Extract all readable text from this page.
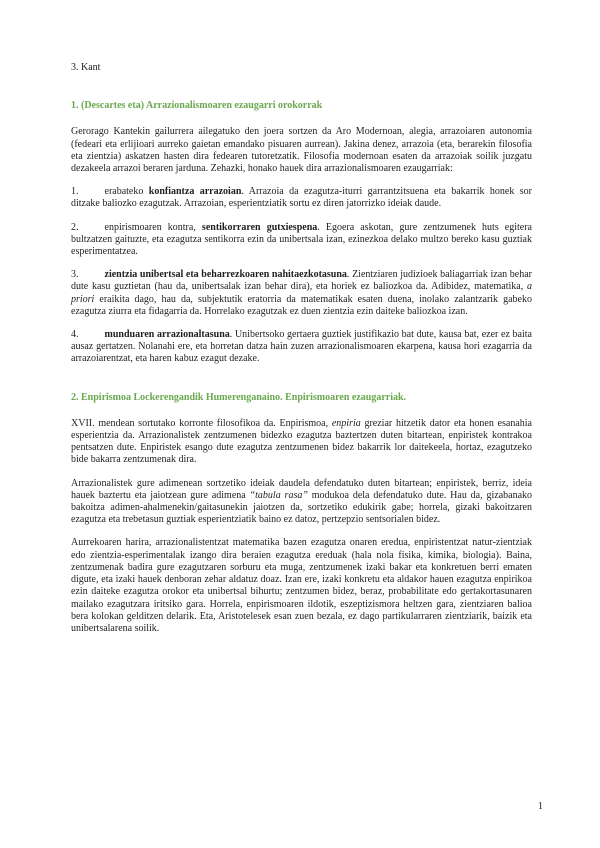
3. Kant
1. (Descartes eta) Arrazionalismoaren ezaugarri orokorrak

Gerorago Kantekin gailurrera ailegatuko den joera sortzen da Aro Modernoan, alegia, arrazoiaren autonomia (fedeari eta erlijioari aurreko gaietan emandako pisuaren aurrean). Jakina denez, arrazoia (eta, berarekin filosofia eta zientzia) askatzen hasten dira fedearen tutoretzatik. Filosofia modernoan esaten da arrazoiak soilik juzgatu dezakeela arrazoi beraren jarduna. Zehazki, honako hauek dira arrazionalismoaren ezaugarriak:

1.	erabateko konfiantza arrazoian. Arrazoia da ezagutza-iturri garrantzitsuena eta bakarrik honek sor ditzake baliozko ezagutzak. Arrazoian, esperientziatik sortu ez diren jatorrizko ideiak daude.

2.	enpirismoaren kontra, sentikorraren gutxiespena. Egoera askotan, gure zentzumenek huts egitera bultzatzen gaituzte, eta ezagutza sentikorra ezin da unibertsala izan, ezinezkoa delako multzo bereko kasu guztiak esperimentatzea.

3.	zientzia unibertsal eta beharrezkoaren nahitaezkotasuna. Zientziaren judizioek baliagarriak izan behar dute kasu guztietan (hau da, unibertsalak izan behar dira), eta horiek ez baliozkoa da. Adibidez, matematika, a priori eraikita dago, hau da, subjektutik eratorria da matematikak esaten duena, inolako zalantzarik gabeko ezagutza ziurra eta fidagarria da. Horrelako ezagutzak ez duen zientzia ezin daiteke baliozkoa izan.

4.	munduaren arrazionaltasuna. Unibertsoko gertaera guztiek justifikazio bat dute, kausa bat, ezer ez baita ausaz gertatzen. Nolanahi ere, eta horretan datza hain zuzen arrazionalismoaren ekarpena, kausa hori ezagarria da arrazoiarentzat, eta haren kabuz ezagut dezake.

2. Enpirismoa Lockerengandik Humerenganaino. Enpirismoaren ezaugarriak.

XVII. mendean sortutako korronte filosofikoa da. Enpirismoa, enpiria greziar hitzetik dator eta honen esanahia esperientzia da. Arrazionalistek zentzumenen bidezko ezagutza baztertzen duten bitartean, enpiristek kontrakoa pentsatzen dute. Enpiristek esango dute ezagutza zentzumenen bidez bakarrik lor daitekeela, hortaz, ezagutzeko bide bakarra zentzumenak dira.

Arrazionalistek gure adimenean sortzetiko ideiak daudela defendatuko duten bitartean; enpiristek, berriz, ideia hauek baztertu eta jaiotzean gure adimena “tabula rasa” modukoa dela defendatuko dute. Hau da, gizabanako bakoitza adimen-ahalmenekin/gaitasunekin jaiotzen da, sortzetiko edukirik gabe; horrela, gizaki bakoitzaren ezagutza eta trebetasun guztiak esperientziatik baino ez datoz, pertzepzio sentsorialen bidez.

Aurrekoaren harira, arrazionalistentzat matematika bazen ezagutza onaren eredua, enpiristentzat natur-zientziak edo zientzia-esperimentalak izango dira beraien ezagutza ereduak (hala nola fisika, kimika, biologia). Baina, zentzumenak badira gure ezagutzaren sorburu eta muga, zentzumenek izaki bakar eta konkretuen berri ematen digute, eta izaki hauek denboran zehar aldatuz doaz. Izan ere, izaki konkretu eta aldakor hauen ezagutza enpirikoa ezin daiteke ezagutza orokor eta unibertsal bihurtu; zentzumen bidez, beraz, probabilitate edo gertakortasunaren mailako ezagutzara iritsiko gara. Horrela, enpirismoaren ildotik, eszeptizismora heltzen gara, zientziaren balioa bera kolokan gelditzen delarik. Eta, Aristotelesek esan zuen bezala, ez dago partikularraren zientziarik, baizik eta unibertsalarena soilik.

1
